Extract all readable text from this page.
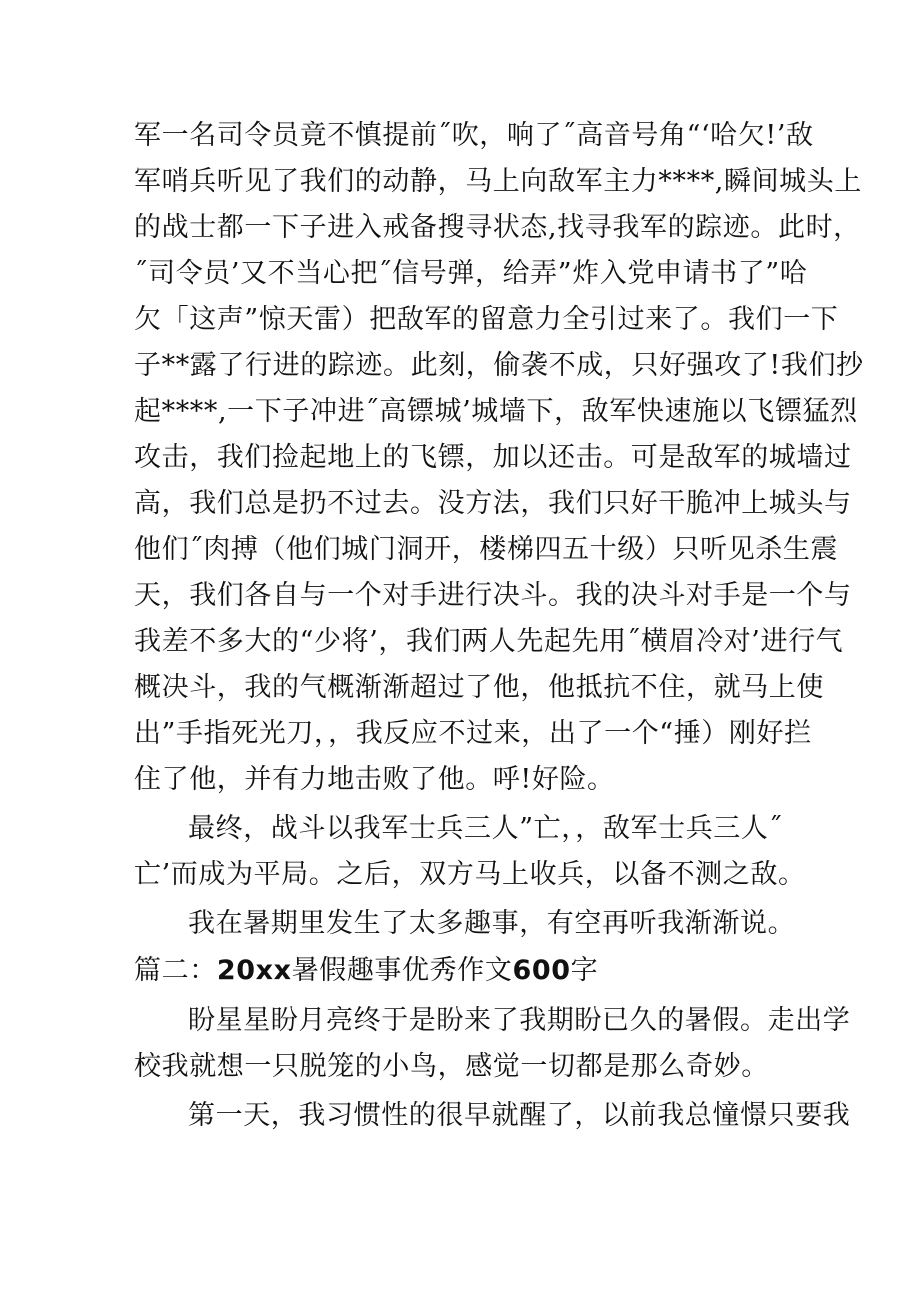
军一名司令员竟不慎提前˝吹，响了˝高音号角“‘哈欠!’敌
军哨兵听见了我们的动静，马上向敌军主力****,瞬间城头上
的战士都一下子进入戒备搜寻状态,找寻我军的踪迹。此时，
˝司令员’又不当心把˝信号弹，给弄”炸入党申请书了”哈
欠「这声”惊天雷）把敌军的留意力全引过来了。我们一下
子**露了行进的踪迹。此刻，偷袭不成，只好强攻了!我们抄
起****,一下子冲进˝高镖城’城墙下，敌军快速施以飞镖猛烈
攻击，我们捡起地上的飞镖，加以还击。可是敌军的城墙过
高，我们总是扔不过去。没方法，我们只好干脆冲上城头与
他们˝肉搏（他们城门洞开，楼梯四五十级）只听见杀生震
天，我们各自与一个对手进行决斗。我的决斗对手是一个与
我差不多大的“少将’，我们两人先起先用˝横眉冷对’进行气
概决斗，我的气概渐渐超过了他，他抵抗不住，就马上使
出”手指死光刀，，我反应不过来，出了一个“捶）刚好拦
住了他，并有力地击败了他。呼!好险。
最终，战斗以我军士兵三人”亡，，敌军士兵三人˝
亡’而成为平局。之后，双方马上收兵，以备不测之敌。
我在暑期里发生了太多趣事，有空再听我渐渐说。
篇二：20xx暑假趣事优秀作文600字
盼星星盼月亮终于是盼来了我期盼已久的暑假。走出学
校我就想一只脱笼的小鸟，感觉一切都是那么奇妙。
第一天，我习惯性的很早就醒了，以前我总憧憬只要我
